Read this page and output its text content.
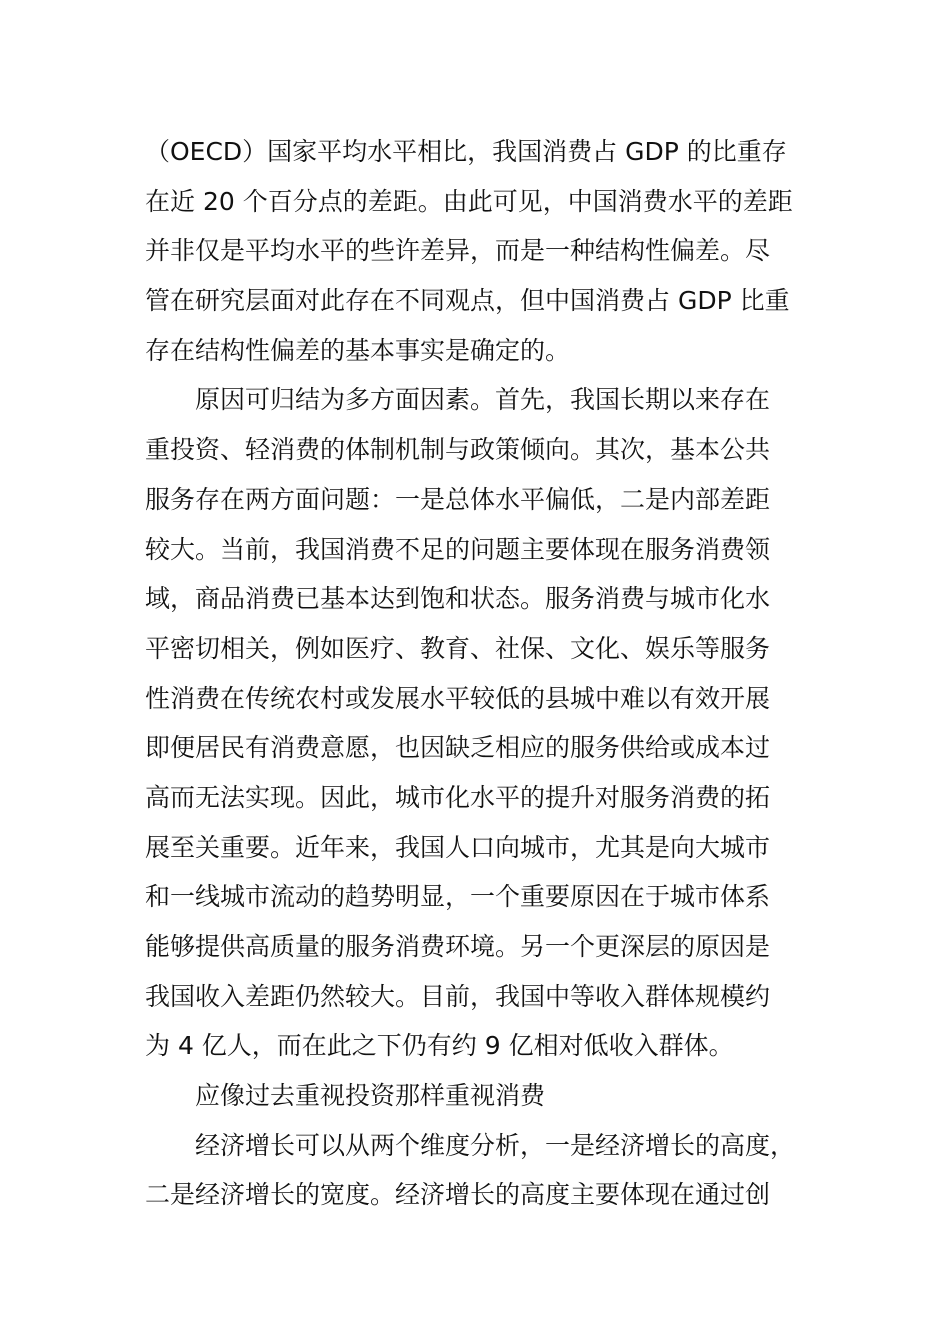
（OECD）国家平均水平相比，我国消费占 GDP 的比重存
在近 20 个百分点的差距。由此可见，中国消费水平的差距
并非仅是平均水平的些许差异，而是一种结构性偏差。尽
管在研究层面对此存在不同观点，但中国消费占 GDP 比重
存在结构性偏差的基本事实是确定的。
原因可归结为多方面因素。首先，我国长期以来存在
重投资、轻消费的体制机制与政策倾向。其次，基本公共
服务存在两方面问题：一是总体水平偏低，二是内部差距
较大。当前，我国消费不足的问题主要体现在服务消费领
域，商品消费已基本达到饱和状态。服务消费与城市化水
平密切相关，例如医疗、教育、社保、文化、娱乐等服务
性消费在传统农村或发展水平较低的县城中难以有效开展
即便居民有消费意愿，也因缺乏相应的服务供给或成本过
高而无法实现。因此，城市化水平的提升对服务消费的拓
展至关重要。近年来，我国人口向城市，尤其是向大城市
和一线城市流动的趋势明显，一个重要原因在于城市体系
能够提供高质量的服务消费环境。另一个更深层的原因是
我国收入差距仍然较大。目前，我国中等收入群体规模约
为 4 亿人，而在此之下仍有约 9 亿相对低收入群体。
应像过去重视投资那样重视消费
经济增长可以从两个维度分析，一是经济增长的高度，
二是经济增长的宽度。经济增长的高度主要体现在通过创
